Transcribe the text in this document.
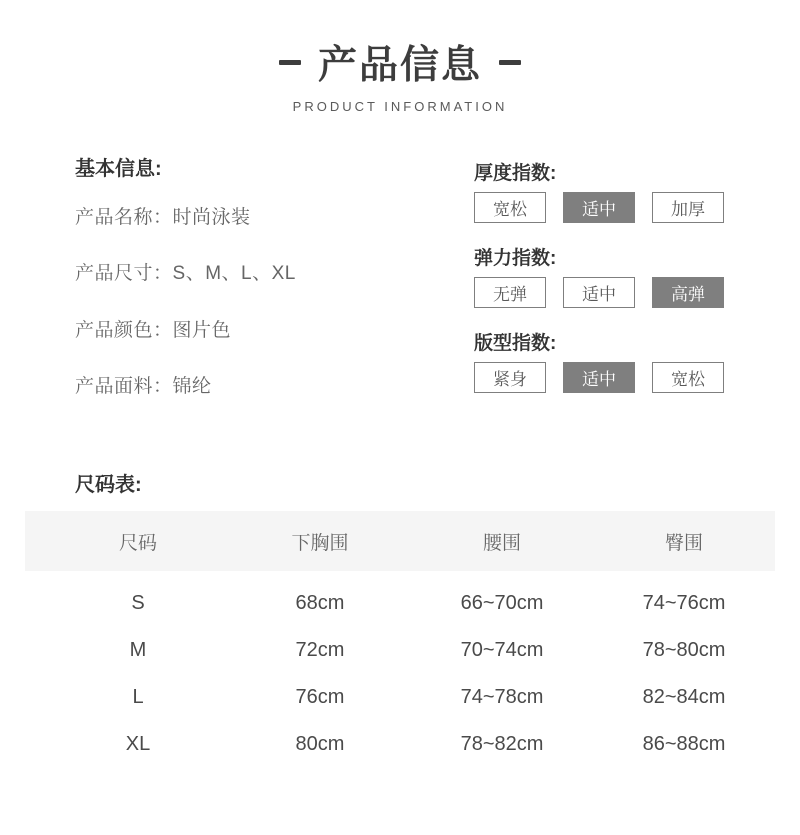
产品信息
PRODUCT INFORMATION
基本信息:
产品名称：时尚泳装
产品尺寸：S、M、L、XL
产品颜色：图片色
产品面料：锦纶
厚度指数:
宽松	适中	加厚
弹力指数:
无弹	适中	高弹
版型指数:
紧身	适中	宽松
尺码表:
尺码	下胸围	腰围	臀围
S	68cm	66~70cm	74~76cm
M	72cm	70~74cm	78~80cm
L	76cm	74~78cm	82~84cm
XL	80cm	78~82cm	86~88cm
